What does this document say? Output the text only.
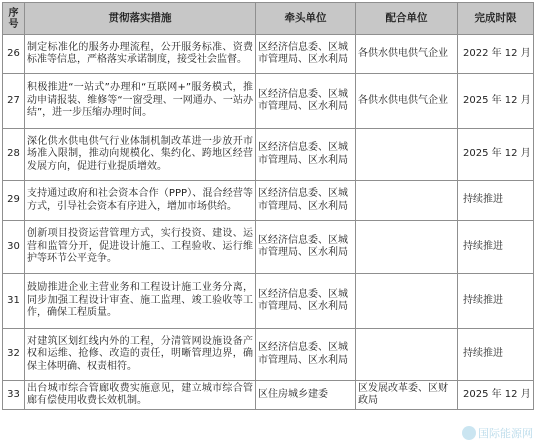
序
号	贯彻落实措施	牵头单位	配合单位	完成时限
26	制定标准化的服务办理流程，公开服务标准、资费标准等信息，严格落实承诺制度，接受社会监督。	区经济信息委、区城市管理局、区水利局	各供水供电供气企业	2022 年 12 月
27	积极推进“一站式”办理和“互联网+”服务模式，推动申请报装、维修等“一窗受理、一网通办、一站办结”，进一步压缩办理时间。	区经济信息委、区城市管理局、区水利局	各供水供电供气企业	2025 年 12 月
28	深化供水供电供气行业体制机制改革进一步放开市场准入限制，推动向规模化、集约化、跨地区经营发展方向，促进行业提质增效。	区经济信息委、区城市管理局、区水利局		2025 年 12 月
29	支持通过政府和社会资本合作（PPP）、混合经营等方式，引导社会资本有序进入，增加市场供给。	区经济信息委、区城市管理局、区水利局		持续推进
30	创新项目投资运营管理方式，实行投资、建设、运营和监管分开，促进设计施工、工程验收、运行维护等环节公平竞争。	区经济信息委、区城市管理局、区水利局		持续推进
31	鼓励推进企业主营业务和工程设计施工业务分离，同步加强工程设计审查、施工监理、竣工验收等工作，确保工程质量。	区经济信息委、区城市管理局、区水利局		持续推进
32	对建筑区划红线内外的工程，分清管网设施设备产权和运维、抢修、改造的责任，明晰管理边界，确保主体明确、权责相符。	区经济信息委、区城市管理局、区水利局		持续推进
33	出台城市综合管廊收费实施意见，建立城市综合管廊有偿使用收费长效机制。	区住房城乡建委	区发展改革委、区财政局	2025 年 12 月
国际能源网
